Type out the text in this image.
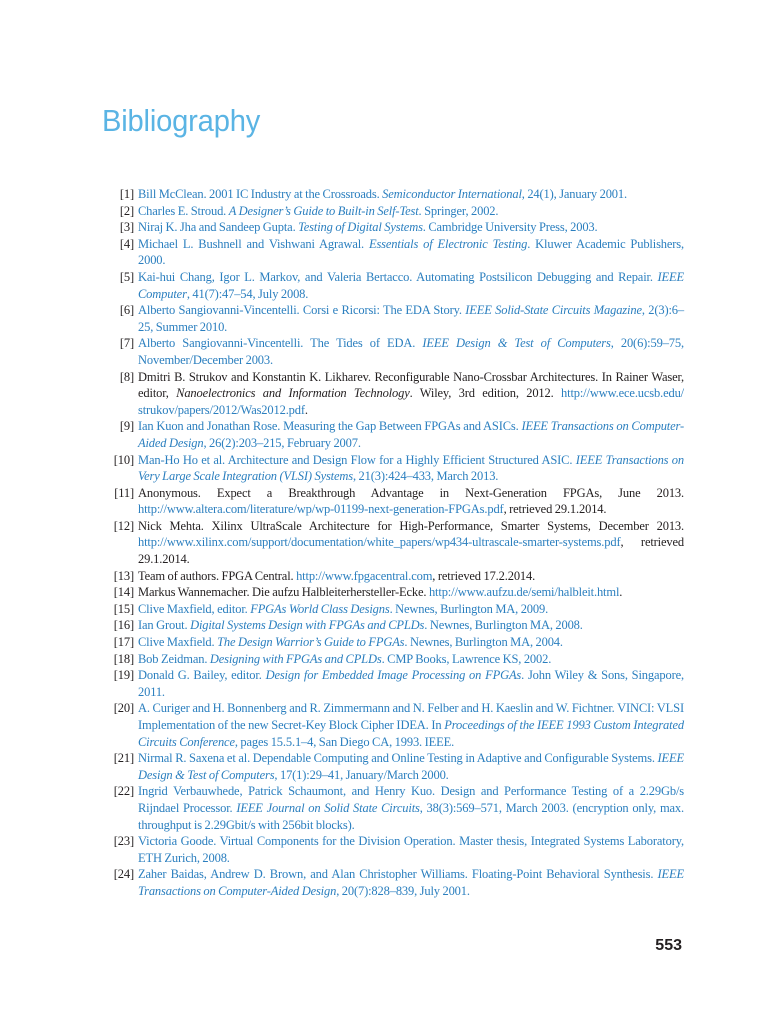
Bibliography
[1] Bill McClean. 2001 IC Industry at the Crossroads. Semiconductor International, 24(1), January 2001.
[2] Charles E. Stroud. A Designer’s Guide to Built-in Self-Test. Springer, 2002.
[3] Niraj K. Jha and Sandeep Gupta. Testing of Digital Systems. Cambridge University Press, 2003.
[4] Michael L. Bushnell and Vishwani Agrawal. Essentials of Electronic Testing. Kluwer Academic Publishers, 2000.
[5] Kai-hui Chang, Igor L. Markov, and Valeria Bertacco. Automating Postsilicon Debugging and Repair. IEEE Computer, 41(7):47–54, July 2008.
[6] Alberto Sangiovanni-Vincentelli. Corsi e Ricorsi: The EDA Story. IEEE Solid-State Circuits Magazine, 2(3):6–25, Summer 2010.
[7] Alberto Sangiovanni-Vincentelli. The Tides of EDA. IEEE Design & Test of Computers, 20(6):59–75, November/December 2003.
[8] Dmitri B. Strukov and Konstantin K. Likharev. Reconfigurable Nano-Crossbar Architectures. In Rainer Waser, editor, Nanoelectronics and Information Technology. Wiley, 3rd edition, 2012. http://www.ece.ucsb.edu/ strukov/papers/2012/Was2012.pdf.
[9] Ian Kuon and Jonathan Rose. Measuring the Gap Between FPGAs and ASICs. IEEE Transactions on Computer-Aided Design, 26(2):203–215, February 2007.
[10] Man-Ho Ho et al. Architecture and Design Flow for a Highly Efficient Structured ASIC. IEEE Transactions on Very Large Scale Integration (VLSI) Systems, 21(3):424–433, March 2013.
[11] Anonymous. Expect a Breakthrough Advantage in Next-Generation FPGAs, June 2013. http://www.altera.com/literature/wp/wp-01199-next-generation-FPGAs.pdf, retrieved 29.1.2014.
[12] Nick Mehta. Xilinx UltraScale Architecture for High-Performance, Smarter Systems, December 2013. http://www.xilinx.com/support/documentation/white_papers/wp434-ultrascale-smarter-systems.pdf, retrieved 29.1.2014.
[13] Team of authors. FPGA Central. http://www.fpgacentral.com, retrieved 17.2.2014.
[14] Markus Wannemacher. Die aufzu Halbleiterhersteller-Ecke. http://www.aufzu.de/semi/halbleit.html.
[15] Clive Maxfield, editor. FPGAs World Class Designs. Newnes, Burlington MA, 2009.
[16] Ian Grout. Digital Systems Design with FPGAs and CPLDs. Newnes, Burlington MA, 2008.
[17] Clive Maxfield. The Design Warrior’s Guide to FPGAs. Newnes, Burlington MA, 2004.
[18] Bob Zeidman. Designing with FPGAs and CPLDs. CMP Books, Lawrence KS, 2002.
[19] Donald G. Bailey, editor. Design for Embedded Image Processing on FPGAs. John Wiley & Sons, Singapore, 2011.
[20] A. Curiger and H. Bonnenberg and R. Zimmermann and N. Felber and H. Kaeslin and W. Fichtner. VINCI: VLSI Implementation of the new Secret-Key Block Cipher IDEA. In Proceedings of the IEEE 1993 Custom Integrated Circuits Conference, pages 15.5.1–4, San Diego CA, 1993. IEEE.
[21] Nirmal R. Saxena et al. Dependable Computing and Online Testing in Adaptive and Configurable Systems. IEEE Design & Test of Computers, 17(1):29–41, January/March 2000.
[22] Ingrid Verbauwhede, Patrick Schaumont, and Henry Kuo. Design and Performance Testing of a 2.29Gb/s Rijndael Processor. IEEE Journal on Solid State Circuits, 38(3):569–571, March 2003. (encryption only, max. throughput is 2.29Gbit/s with 256bit blocks).
[23] Victoria Goode. Virtual Components for the Division Operation. Master thesis, Integrated Systems Laboratory, ETH Zurich, 2008.
[24] Zaher Baidas, Andrew D. Brown, and Alan Christopher Williams. Floating-Point Behavioral Synthesis. IEEE Transactions on Computer-Aided Design, 20(7):828–839, July 2001.
553
